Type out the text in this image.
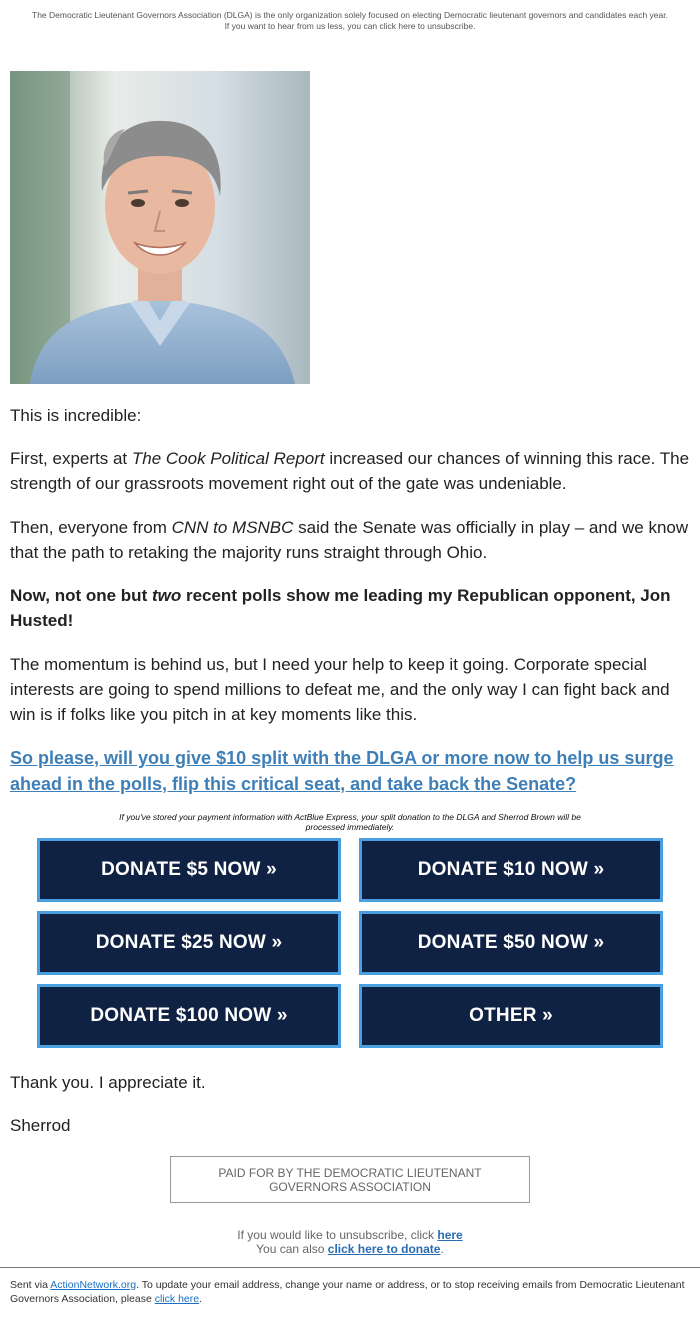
The Democratic Lieutenant Governors Association (DLGA) is the only organization solely focused on electing Democratic lieutenant governors and candidates each year. If you want to hear from us less, you can click here to unsubscribe.
This is incredible:
First, experts at The Cook Political Report increased our chances of winning this race. The strength of our grassroots movement right out of the gate was undeniable.
Then, everyone from CNN to MSNBC said the Senate was officially in play – and we know that the path to retaking the majority runs straight through Ohio.
Now, not one but two recent polls show me leading my Republican opponent, Jon Husted!
The momentum is behind us, but I need your help to keep it going. Corporate special interests are going to spend millions to defeat me, and the only way I can fight back and win is if folks like you pitch in at key moments like this.
So please, will you give $10 split with the DLGA or more now to help us surge ahead in the polls, flip this critical seat, and take back the Senate?
If you've stored your payment information with ActBlue Express, your split donation to the DLGA and Sherrod Brown will be processed immediately.
DONATE $5 NOW »	DONATE $10 NOW »
DONATE $25 NOW »	DONATE $50 NOW »
DONATE $100 NOW »	OTHER »
Thank you. I appreciate it.
Sherrod
PAID FOR BY THE DEMOCRATIC LIEUTENANT
GOVERNORS ASSOCIATION
If you would like to unsubscribe, click here
You can also click here to donate.
Sent via ActionNetwork.org. To update your email address, change your name or address, or to stop receiving emails from Democratic Lieutenant Governors Association, please click here.
